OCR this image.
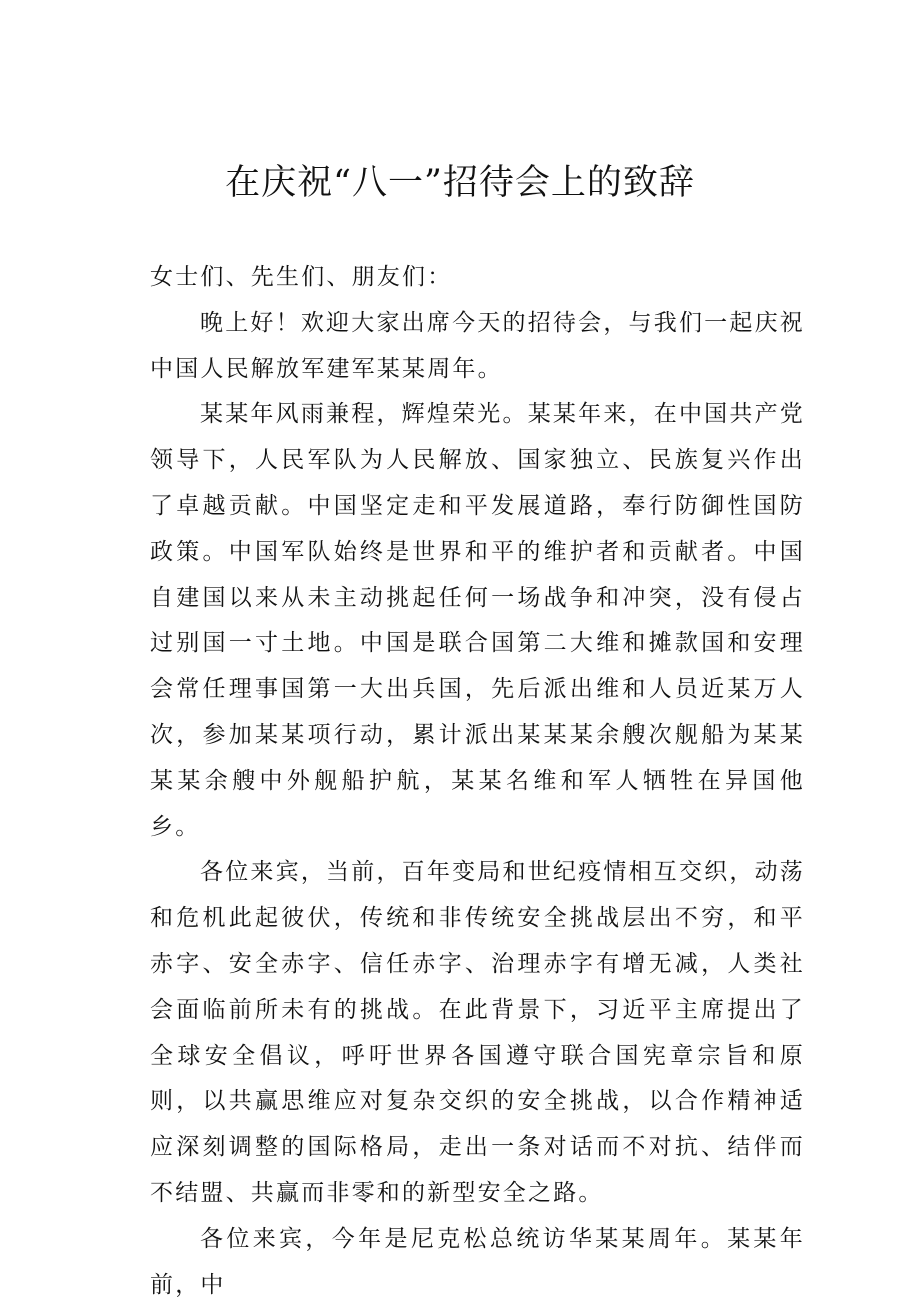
在庆祝“八一”招待会上的致辞

女士们、先生们、朋友们：

晚上好！欢迎大家出席今天的招待会，与我们一起庆祝中国人民解放军建军某某周年。

某某年风雨兼程，辉煌荣光。某某年来，在中国共产党领导下，人民军队为人民解放、国家独立、民族复兴作出了卓越贡献。中国坚定走和平发展道路，奉行防御性国防政策。中国军队始终是世界和平的维护者和贡献者。中国自建国以来从未主动挑起任何一场战争和冲突，没有侵占过别国一寸土地。中国是联合国第二大维和摊款国和安理会常任理事国第一大出兵国，先后派出维和人员近某万人次，参加某某项行动，累计派出某某某余艘次舰船为某某某某余艘中外舰船护航，某某名维和军人牺牲在异国他乡。

各位来宾，当前，百年变局和世纪疫情相互交织，动荡和危机此起彼伏，传统和非传统安全挑战层出不穷，和平赤字、安全赤字、信任赤字、治理赤字有增无减，人类社会面临前所未有的挑战。在此背景下，习近平主席提出了全球安全倡议，呼吁世界各国遵守联合国宪章宗旨和原则，以共赢思维应对复杂交织的安全挑战，以合作精神适应深刻调整的国际格局，走出一条对话而不对抗、结伴而不结盟、共赢而非零和的新型安全之路。

各位来宾，今年是尼克松总统访华某某周年。某某年前，中
